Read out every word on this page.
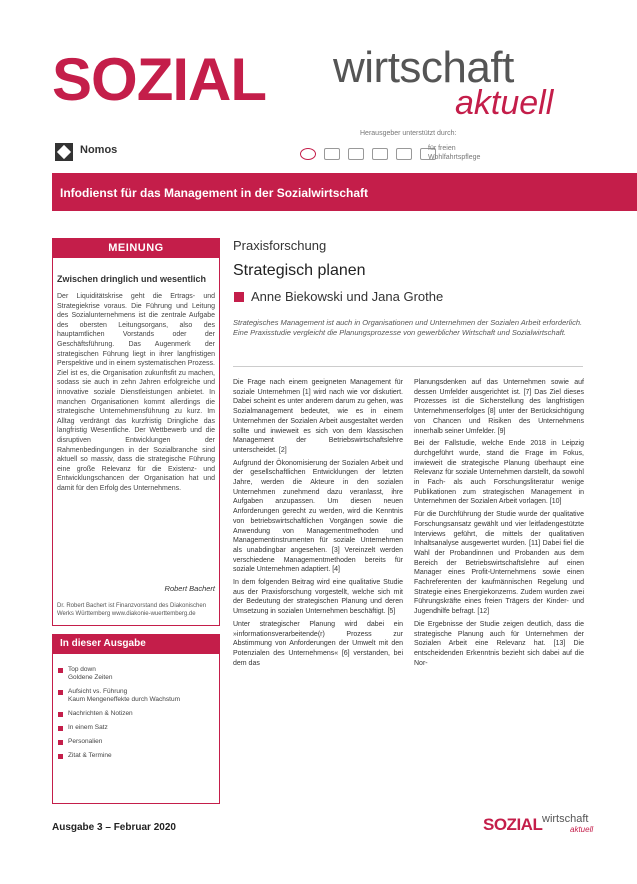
SOZIAL wirtschaft
aktuell
Nomos
Herausgeber unterstützt durch:
für freien
Wohlfahrtspflege
Infodienst für das Management in der Sozialwirtschaft
MEINUNG
Zwischen dringlich und wesentlich
Der Liquiditätskrise geht die Ertrags- und Strategiekrise voraus. Die Führung und Leitung des Sozialunternehmens ist die zentrale Aufgabe des obersten Leitungsorgans, also des hauptamtlichen Vorstands oder der Geschäftsführung. Das Augenmerk der strategischen Führung liegt in ihrer langfristigen Perspektive und in einem systematischen Prozess. Ziel ist es, die Organisation zukunftsfit zu machen, sodass sie auch in zehn Jahren erfolgreiche und innovative soziale Dienstleistungen anbietet. In manchen Organisationen kommt allerdings die strategische Unternehmensführung zu kurz. Im Alltag verdrängt das kurzfristig Dringliche das langfristig Wesentliche. Der Wettbewerb und die disruptiven Entwicklungen der Rahmenbedingungen in der Sozialbranche sind aktuell so massiv, dass die strategische Führung eine große Relevanz für die Existenz- und Entwicklungschancen der Organisation hat und damit für den Erfolg des Unternehmens.
Robert Bachert
Dr. Robert Bachert ist Finanzvorstand des Diakonischen Werks Württemberg www.diakonie-wuerttemberg.de
In dieser Ausgabe
Top down
Goldene Zeiten
Aufsicht vs. Führung
Kaum Mengeneffekte durch Wachstum
Nachrichten & Notizen
In einem Satz
Personalien
Zitat & Termine
Ausgabe 3 – Februar 2020
Praxisforschung
Strategisch planen
Anne Biekowski und Jana Grothe
Strategisches Management ist auch in Organisationen und Unternehmen der Sozialen Arbeit erforderlich. Eine Praxisstudie vergleicht die Planungsprozesse von gewerblicher Wirtschaft und Sozialwirtschaft.

Die Frage nach einem geeigneten Management für soziale Unternehmen [1] wird nach wie vor diskutiert. Dabei scheint es unter anderem darum zu gehen, was Sozialmanagement bedeutet, wie es in einem Unternehmen der Sozialen Arbeit ausgestaltet werden sollte und inwieweit es sich von dem klassischen Management der Betriebswirtschaftslehre unterscheidet. [2]

Aufgrund der Ökonomisierung der Sozialen Arbeit und der gesellschaftlichen Entwicklungen der letzten Jahre, werden die Akteure in den sozialen Unternehmen zunehmend dazu veranlasst, ihre Aufgaben anzupassen. Um diesen neuen Anforderungen gerecht zu werden, wird die Kenntnis von betriebswirtschaftlichen Vorgängen sowie die Anwendung von Managementmethoden und Managementinstrumenten für soziale Unternehmen als unabdingbar angesehen. [3] Vereinzelt werden verschiedene Managementmethoden bereits für soziale Unternehmen adaptiert. [4]

In dem folgenden Beitrag wird eine qualitative Studie aus der Praxisforschung vorgestellt, welche sich mit der Bedeutung der strategischen Planung und deren Umsetzung in sozialen Unternehmen beschäftigt. [5]

Unter strategischer Planung wird dabei ein »informationsverarbeitende(r) Prozess zur Abstimmung von Anforderungen der Umwelt mit den Potenzialen des Unternehmens« [6] verstanden, bei dem das

Planungsdenken auf das Unternehmen sowie auf dessen Umfelder ausgerichtet ist. [7] Das Ziel dieses Prozesses ist die Sicherstellung des langfristigen Unternehmenserfolges [8] unter der Berücksichtigung von Chancen und Risiken des Unternehmens innerhalb seiner Umfelder. [9]

Bei der Fallstudie, welche Ende 2018 in Leipzig durchgeführt wurde, stand die Frage im Fokus, inwieweit die strategische Planung überhaupt eine Relevanz für soziale Unternehmen darstellt, da sowohl in Fach- als auch Forschungsliteratur wenige Publikationen zum strategischen Management in Unternehmen der Sozialen Arbeit vorlagen. [10]

Für die Durchführung der Studie wurde der qualitative Forschungsansatz gewählt und vier leitfadengestützte Interviews geführt, die mittels der qualitativen Inhaltsanalyse ausgewertet wurden. [11] Dabei fiel die Wahl der Probandinnen und Probanden aus dem Bereich der Betriebswirtschaftslehre auf einen Manager eines Profit-Unternehmens sowie einen Fachreferenten der kaufmännischen Regelung und Strategie eines Energiekonzerns. Zudem wurden zwei Führungskräfte eines freien Trägers der Kinder- und Jugendhilfe befragt. [12]

Die Ergebnisse der Studie zeigen deutlich, dass die strategische Planung auch für Unternehmen der Sozialen Arbeit eine Relevanz hat. [13] Die entscheidenden Erkenntnis bezieht sich dabei auf die Nor-

SOZIAL wirtschaft
aktuell
